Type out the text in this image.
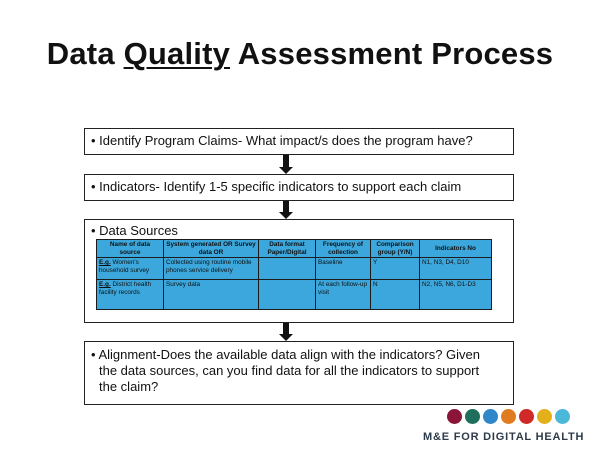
Data Quality Assessment Process
• Identify Program Claims- What impact/s does the program have?
• Indicators- Identify 1-5 specific indicators to support each claim
• Data Sources
Name of data source	System generated OR Survey data OR	Data format Paper/Digital	Frequency of collection	Comparison group (Y/N)	Indicators No
E.g. Women's household survey	Collected using routine mobile phones service delivery		Baseline	Y	N1, N3, D4, D10
E.g. District health facility records	Survey data		At each follow-up visit	N	N2, N5, N6, D1-D3
• Alignment-Does the available data align with the indicators? Given
the data sources, can you find data for all the indicators to support
the claim?
M&E FOR DIGITAL HEALTH
